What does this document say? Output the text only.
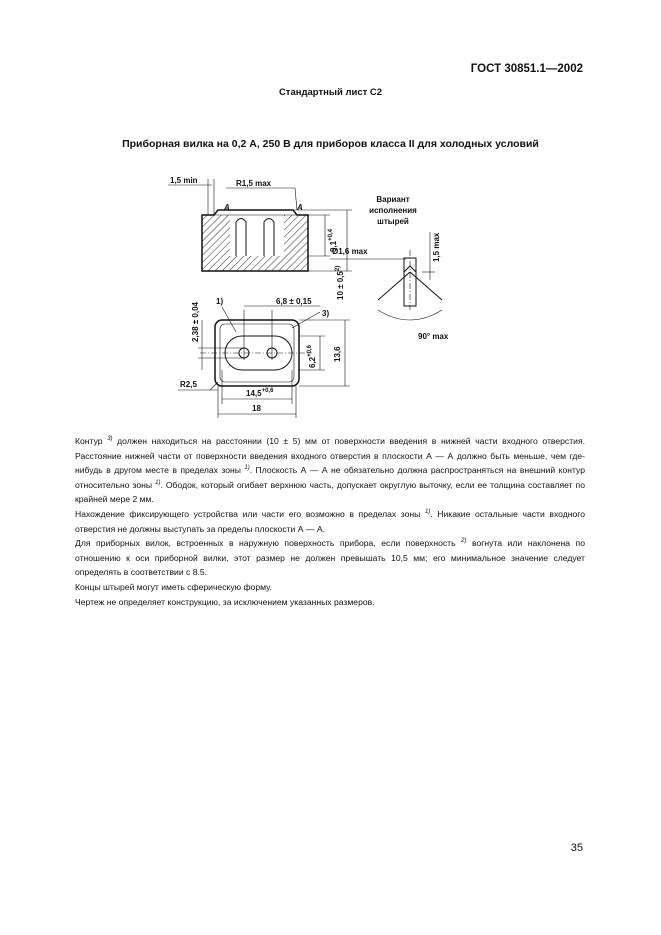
ГОСТ 30851.1—2002
Стандартный лист С2
Приборная вилка на 0,2 А, 250 В для приборов класса II для холодных условий
1,5 min	R1,5 max
A	A
$9,1^{+0,4}$
$10 \pm 0,5^{2)}$
Вариант
исполнения
штырей
Ø1,6 max	1,5 max
90° max
6,8 ± 0,15
2,38 ± 0,04
1)
3)
$6,2^{+0,6}$	13,6
$14,5^{+0,6}$
18
R2,5

Контур $^{3)}$ должен находиться на расстоянии (10 ± 5) мм от поверхности введения в нижней части входного отверстия. Расстояние нижней части от поверхности введения входного отверстия в плоскости А — А должно быть меньше, чем где-нибудь в другом месте в пределах зоны $^{1)}$. Плоскость А — А не обязательно должна распространяться на внешний контур относительно зоны $^{1)}$. Ободок, который огибает верхнюю часть, допускает округлую выточку, если ее толщина составляет по крайней мере 2 мм.

Нахождение фиксирующего устройства или части его возможно в пределах зоны $^{1)}$. Никакие остальные части входного отверстия не должны выступать за пределы плоскости А — А.

Для приборных вилок, встроенных в наружную поверхность прибора, если поверхность $^{2)}$ вогнута или наклонена по отношению к оси приборной вилки, этот размер не должен превышать 10,5 мм; его минимальное значение следует определять в соответствии с 8.5.

Концы штырей могут иметь сферическую форму.

Чертеж не определяет конструкцию, за исключением указанных размеров.

35
